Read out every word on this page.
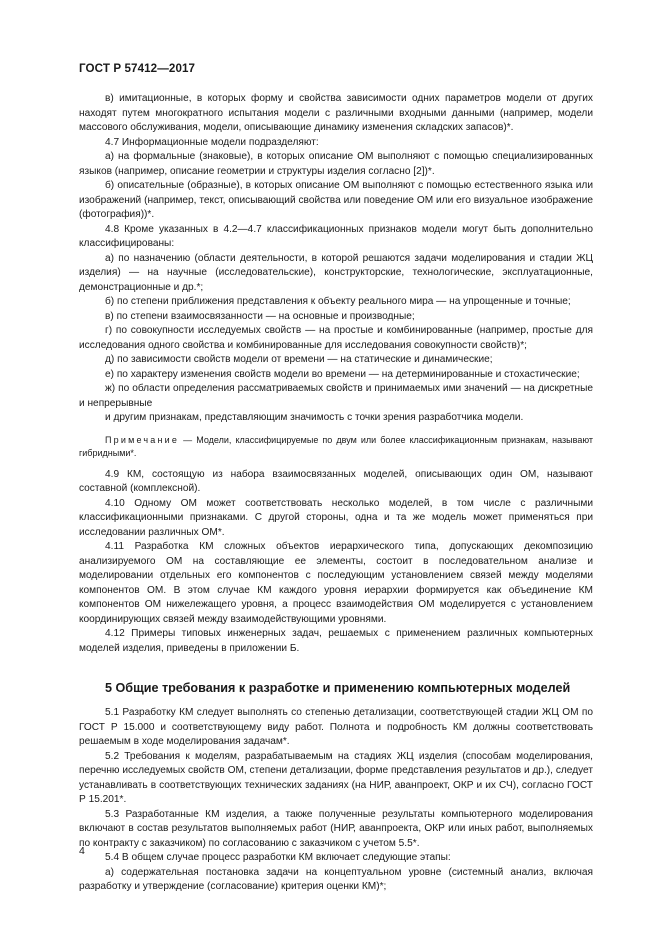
ГОСТ Р 57412—2017

в) имитационные, в которых форму и свойства зависимости одних параметров модели от других находят путем многократного испытания модели с различными входными данными (например, модели массового обслуживания, модели, описывающие динамику изменения складских запасов)*.

4.7 Информационные модели подразделяют:

а) на формальные (знаковые), в которых описание ОМ выполняют с помощью специализированных языков (например, описание геометрии и структуры изделия согласно [2])*.

б) описательные (образные), в которых описание ОМ выполняют с помощью естественного языка или изображений (например, текст, описывающий свойства или поведение ОМ или его визуальное изображение (фотография))*.

4.8 Кроме указанных в 4.2—4.7 классификационных признаков модели могут быть дополнительно классифицированы:

а) по назначению (области деятельности, в которой решаются задачи моделирования и стадии ЖЦ изделия) — на научные (исследовательские), конструкторские, технологические, эксплуатационные, демонстрационные и др.*;

б) по степени приближения представления к объекту реального мира — на упрощенные и точные;

в) по степени взаимосвязанности — на основные и производные;

г) по совокупности исследуемых свойств — на простые и комбинированные (например, простые для исследования одного свойства и комбинированные для исследования совокупности свойств)*;

д) по зависимости свойств модели от времени — на статические и динамические;

е) по характеру изменения свойств модели во времени — на детерминированные и стохастические;

ж) по области определения рассматриваемых свойств и принимаемых ими значений — на дискретные и непрерывные

и другим признакам, представляющим значимость с точки зрения разработчика модели.

Примечание — Модели, классифицируемые по двум или более классификационным признакам, называют гибридными*.

4.9 КМ, состоящую из набора взаимосвязанных моделей, описывающих один ОМ, называют составной (комплексной).

4.10 Одному ОМ может соответствовать несколько моделей, в том числе с различными классификационными признаками. С другой стороны, одна и та же модель может применяться при исследовании различных ОМ*.

4.11 Разработка КМ сложных объектов иерархического типа, допускающих декомпозицию анализируемого ОМ на составляющие ее элементы, состоит в последовательном анализе и моделировании отдельных его компонентов с последующим установлением связей между моделями компонентов ОМ. В этом случае КМ каждого уровня иерархии формируется как объединение КМ компонентов ОМ нижележащего уровня, а процесс взаимодействия ОМ моделируется с установлением координирующих связей между взаимодействующими уровнями.

4.12 Примеры типовых инженерных задач, решаемых с применением различных компьютерных моделей изделия, приведены в приложении Б.

5 Общие требования к разработке и применению компьютерных моделей

5.1 Разработку КМ следует выполнять со степенью детализации, соответствующей стадии ЖЦ ОМ по ГОСТ Р 15.000 и соответствующему виду работ. Полнота и подробность КМ должны соответствовать решаемым в ходе моделирования задачам*.

5.2 Требования к моделям, разрабатываемым на стадиях ЖЦ изделия (способам моделирования, перечню исследуемых свойств ОМ, степени детализации, форме представления результатов и др.), следует устанавливать в соответствующих технических заданиях (на НИР, аванпроект, ОКР и их СЧ), согласно ГОСТ Р 15.201*.

5.3 Разработанные КМ изделия, а также полученные результаты компьютерного моделирования включают в состав результатов выполняемых работ (НИР, аванпроекта, ОКР или иных работ, выполняемых по контракту с заказчиком) по согласованию с заказчиком с учетом 5.5*.

5.4 В общем случае процесс разработки КМ включает следующие этапы:

а) содержательная постановка задачи на концептуальном уровне (системный анализ, включая разработку и утверждение (согласование) критерия оценки КМ)*;

4
